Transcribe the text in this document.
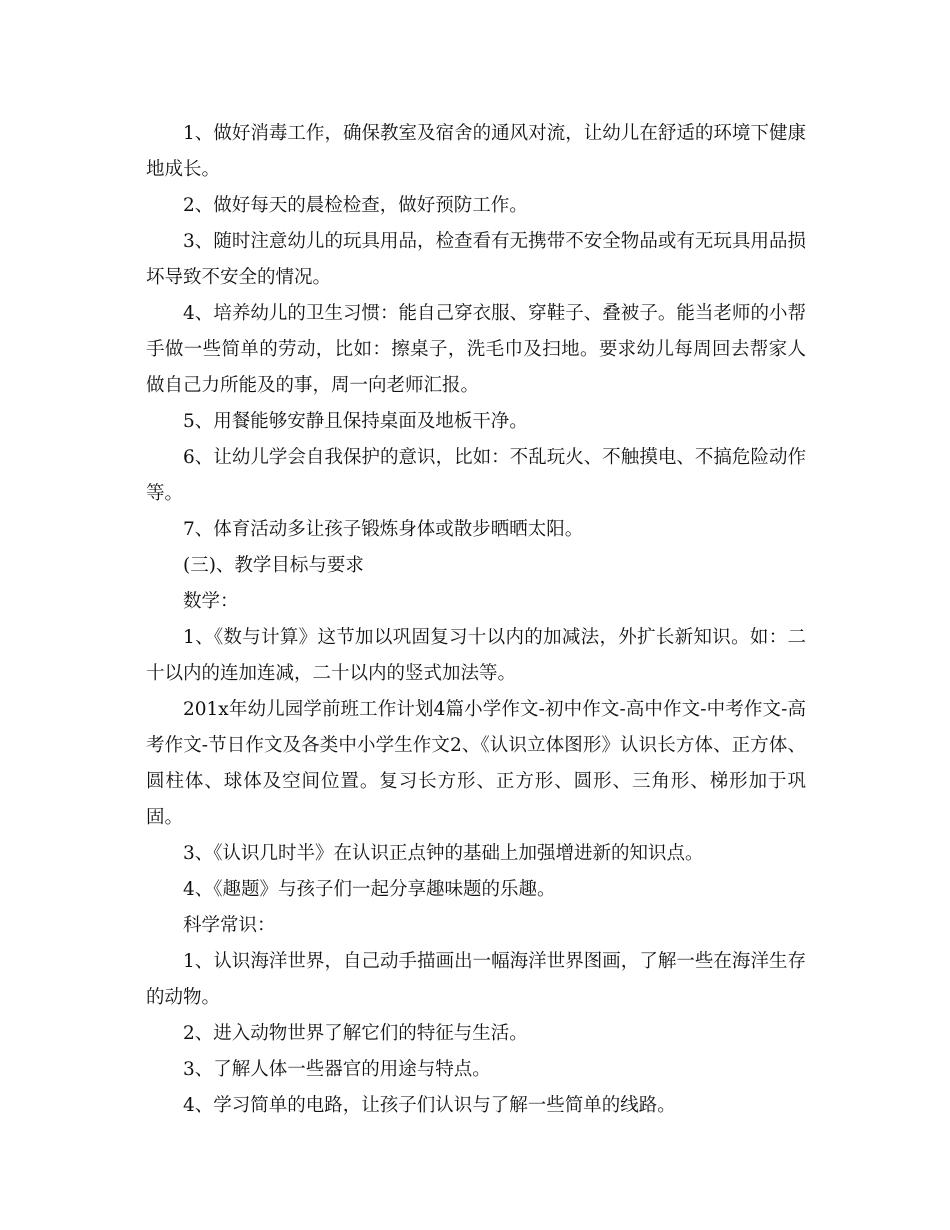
1、做好消毒工作，确保教室及宿舍的通风对流，让幼儿在舒适的环境下健康地成长。

2、做好每天的晨检检查，做好预防工作。

3、随时注意幼儿的玩具用品，检查看有无携带不安全物品或有无玩具用品损坏导致不安全的情况。

4、培养幼儿的卫生习惯：能自己穿衣服、穿鞋子、叠被子。能当老师的小帮手做一些简单的劳动，比如：擦桌子，洗毛巾及扫地。要求幼儿每周回去帮家人做自己力所能及的事，周一向老师汇报。

5、用餐能够安静且保持桌面及地板干净。

6、让幼儿学会自我保护的意识，比如：不乱玩火、不触摸电、不搞危险动作等。

7、体育活动多让孩子锻炼身体或散步晒晒太阳。

(三)、教学目标与要求

数学：

1、《数与计算》这节加以巩固复习十以内的加减法，外扩长新知识。如：二十以内的连加连减，二十以内的竖式加法等。

201x年幼儿园学前班工作计划4篇小学作文-初中作文-高中作文-中考作文-高考作文-节日作文及各类中小学生作文2、《认识立体图形》认识长方体、正方体、圆柱体、球体及空间位置。复习长方形、正方形、圆形、三角形、梯形加于巩固。

3、《认识几时半》在认识正点钟的基础上加强增进新的知识点。

4、《趣题》与孩子们一起分享趣味题的乐趣。

科学常识：

1、认识海洋世界，自己动手描画出一幅海洋世界图画，了解一些在海洋生存的动物。

2、进入动物世界了解它们的特征与生活。

3、了解人体一些器官的用途与特点。

4、学习简单的电路，让孩子们认识与了解一些简单的线路。
